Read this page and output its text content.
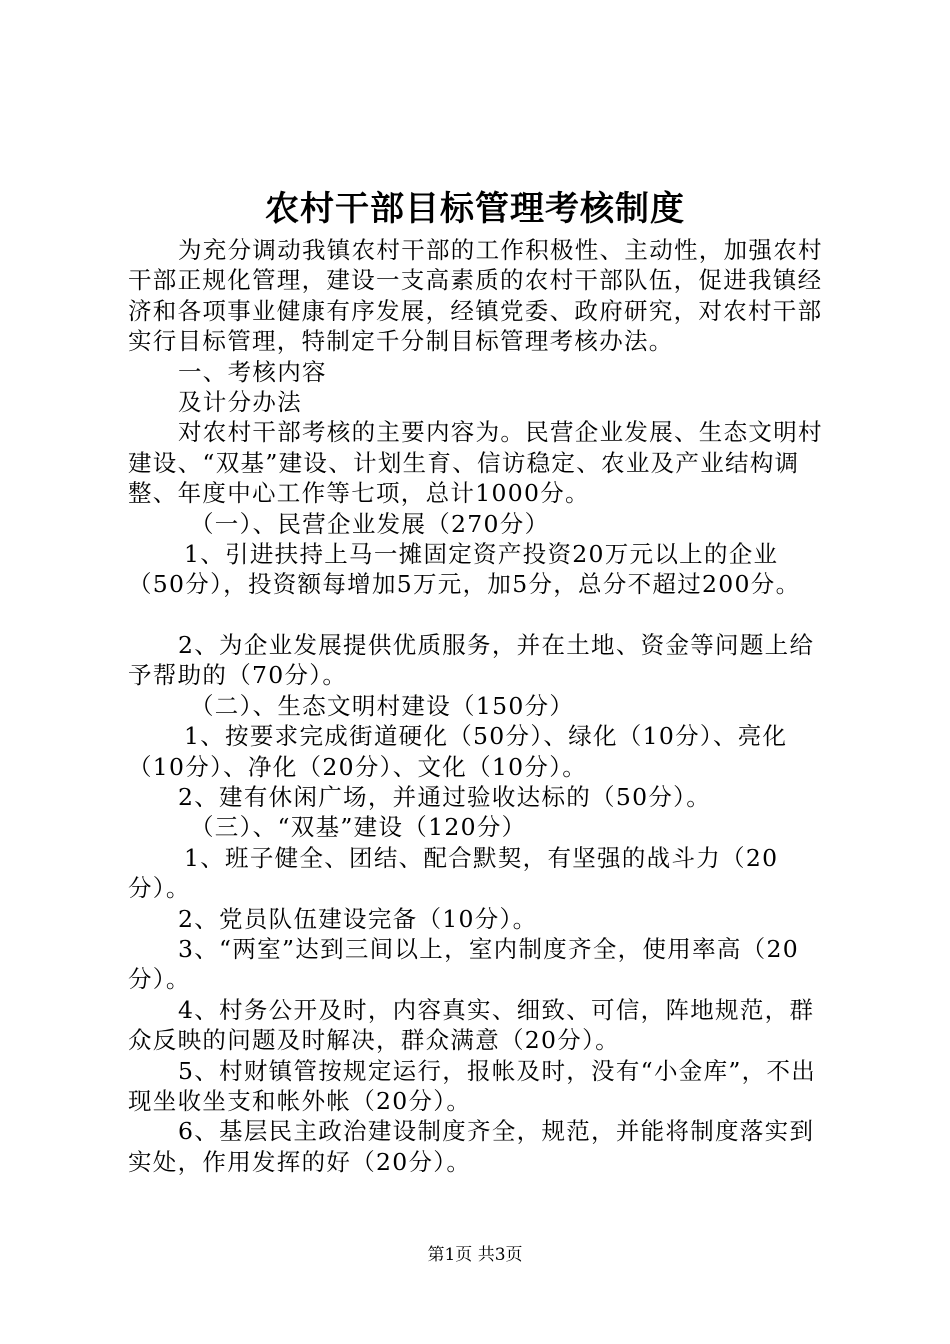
农村干部目标管理考核制度

为充分调动我镇农村干部的工作积极性、主动性，加强农村干部正规化管理，建设一支高素质的农村干部队伍，促进我镇经济和各项事业健康有序发展，经镇党委、政府研究，对农村干部实行目标管理，特制定千分制目标管理考核办法。

一、考核内容

及计分办法

对农村干部考核的主要内容为。民营企业发展、生态文明村建设、“双基”建设、计划生育、信访稳定、农业及产业结构调整、年度中心工作等七项，总计1000分。

（一）、民营企业发展（270分）

1、引进扶持上马一摊固定资产投资20万元以上的企业（50分），投资额每增加5万元，加5分，总分不超过200分。

2、为企业发展提供优质服务，并在土地、资金等问题上给予帮助的（70分）。

（二）、生态文明村建设（150分）

1、按要求完成街道硬化（50分）、绿化（10分）、亮化（10分）、净化（20分）、文化（10分）。

2、建有休闲广场，并通过验收达标的（50分）。

（三）、“双基”建设（120分）

1、班子健全、团结、配合默契，有坚强的战斗力（20分）。

2、党员队伍建设完备（10分）。

3、“两室”达到三间以上，室内制度齐全，使用率高（20分）。

4、村务公开及时，内容真实、细致、可信，阵地规范，群众反映的问题及时解决，群众满意（20分）。

5、村财镇管按规定运行，报帐及时，没有“小金库”，不出现坐收坐支和帐外帐（20分）。

6、基层民主政治建设制度齐全，规范，并能将制度落实到实处，作用发挥的好（20分）。

第1页 共3页
